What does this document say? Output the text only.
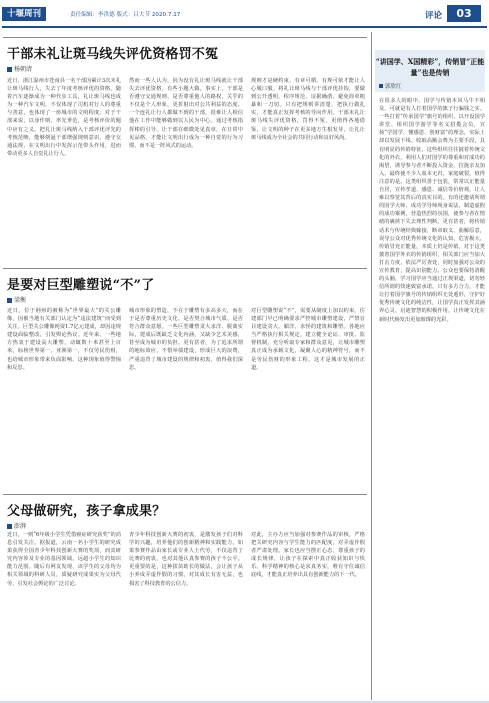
十堰周刊	责任编辑：李洪德 版式：吕大节 2020.7.17	评论	03
干部未礼让斑马线失评优资格罚不冤
杨朝清
近日，浙江温州市苍南县一名干部因累计3次未礼让斑马线行人，失去了年度考核评优的资格。随着汽车逐渐成为一种代步工具，礼让斑马线也成为一种汽车文明，不仅体现了司机对行人的尊重与善意，也体现了一座城市的文明程度。对于干部来说，以身作则、率先垂范，是考核评价的题中应有之义。把礼让斑马线纳入干部评优评先的考核范畴，能够倒逼干部增强规则意识、遵守交通法规，在文明出行中发挥示范带头作用，进而带动更多人自觉礼让行人。
然而一些人认为，因为没有礼让斑马线就让干部失去评优资格，有些小题大做。事实上，干部是否遵守交通规则、是否尊重他人的路权，关乎的不仅是个人形象，更折射出对公共利益的态度。一个连礼让行人都做不到的干部，很难让人相信他在工作中能够做到以人民为中心。通过考核指挥棒的引导，让干部在细微处见真章，在日常中见品格，才能让文明出行成为一种自觉的行为习惯，而不是一阵风式的运动。
规则才是硬约束，有章可循、有规可依才能让人心服口服。将礼让斑马线与干部评优挂钩，要做到公开透明、程序规范、证据确凿，避免简单粗暴和一刀切。只有把规则讲清楚、把执行做扎实，才能真正发挥考核的导向作用。干部未礼让斑马线失评优资格，罚得不冤，更值得各地借鉴，让文明的种子在更多地方生根发芽，让礼让斑马线成为全社会的共同行动和良好风尚。
是要对巨型雕塑说“不”了
梁衡
近日，位于荆州的被称为“世界最大”的关公雕像，因被当地有关部门认定为“违法建筑”而受到关注。巨型关公雕像耗资1.7亿元建成，却因违规建设面临整改，引发舆论热议。近年来，一些地方热衷于建设高大雕塑，动辄数十米甚至上百米，标榜世界第一、亚洲第一，不仅劳民伤财，也给城市形象带来负面影响，这种现象值得警惕和反思。
城市形象的塑造，不在于雕塑有多高多大，而在于是否尊重历史文化、是否契合城市气质、是否符合群众意愿。一些巨型雕塑贪大求洋、脱离实际，建成后既缺乏文化内涵，又缺少艺术美感，甚至成为城市的负担。更有甚者，为了追求所谓的地标效应，不惜举债建设，形成巨大的浪费，严重违背了城市建设的规律和初衷，值得我们深思。
对巨型雕塑说“不”，需要从制度上加以约束。住建部门早已明确要求严控城市雕塑建设，严禁盲目建设贪大、媚洋、求怪的建筑和雕塑。各地应当严格执行相关规定，建立健全论证、审批、监督机制，充分听取专家和群众意见，让城市雕塑真正成为承载文化、凝聚人心的精神符号，而不是劳民伤财的形象工程，这才是城市发展的正道。
父母做研究，孩子拿成果？
澎湃
近日，一则“6年级小学生凭借癌症研究获奖”的消息引发关注。据报道，云南一名小学生的研究成果获得全国青少年科技创新大赛的奖项，而其研究内容涉及专业的基因领域，远超小学生的知识能力范围。随后有网友发现，该学生的父母均为相关领域的科研人员，质疑研究成果实为父母代劳，引发社会舆论的广泛讨论。
青少年科技创新大赛的初衷，是激发孩子们对科学的兴趣，培养他们的创新精神和实践能力。如果参赛作品由家长或专业人士代劳，不仅违背了比赛的初衷，也对其他认真参赛的孩子不公平。更重要的是，这种拔苗助长的做法，会让孩子从小养成弄虚作假的习惯，对其成长有害无益，也损害了科技教育的公信力。
对此，主办方应当加强对参赛作品的审核，严格把关研究内容与学生能力的匹配度，对弄虚作假者严肃处理。家长也应当摆正心态，尊重孩子的成长规律，让孩子在探索中真正收获知识与快乐。科学精神的核心是求真务实，唯有守住诚信底线，才能真正培养出具有创新能力的下一代。
“讲国学、X国精彩”，传销冒“正能量”也是传销
郭欣红
在很多人的眼中，国学与传销本风马牛不相及，可就是有人打着国学的旗子行骗钱之实。一些打着“传承国学”旗号的组织，以开设国学讲堂、组织国学游学等名义招揽会员，宣扬“学国学、懂感恩、创财富”的理念，实际上却以发展下线、收取高额会费为主要手段，具有明显的传销特征。这些组织往往披着传统文化的外衣，利用人们对国学的尊重和对成功的渴望，诱导参与者不断投入资金，拉拢亲友加入，最终使不少人血本无归，家庭破裂。值得注意的是，这类组织善于包装，常常以正能量自居，宣传孝道、感恩、诚信等价值观，让人难以察觉其背后的真实目的。有的还邀请所谓的国学大师、成功学导师现身说法，制造虚假的成功案例，营造热烈的氛围，使参与者在情绪的裹挟下失去理性判断。更有甚者，将传销话术与传统经典嫁接，断章取义、曲解原意，误导公众对优秀传统文化的认知，危害极大。传销冒充正能量，本质上仍是传销。对于这类披着国学外衣的传销组织，相关部门应当加大打击力度，依法严厉查处，同时加强对公众的宣传教育，提高识别能力。公众也要保持清醒的头脑，学习国学应当通过正规渠道，切勿轻信所谓的快速致富承诺。只有多方合力，才能让打着国学旗号的传销组织无处遁形，守护好优秀传统文化的纯洁性，让国学真正发挥其涵养心灵、启迪智慧的积极作用，让传统文化在新时代焕发出更加璀璨的光彩。
